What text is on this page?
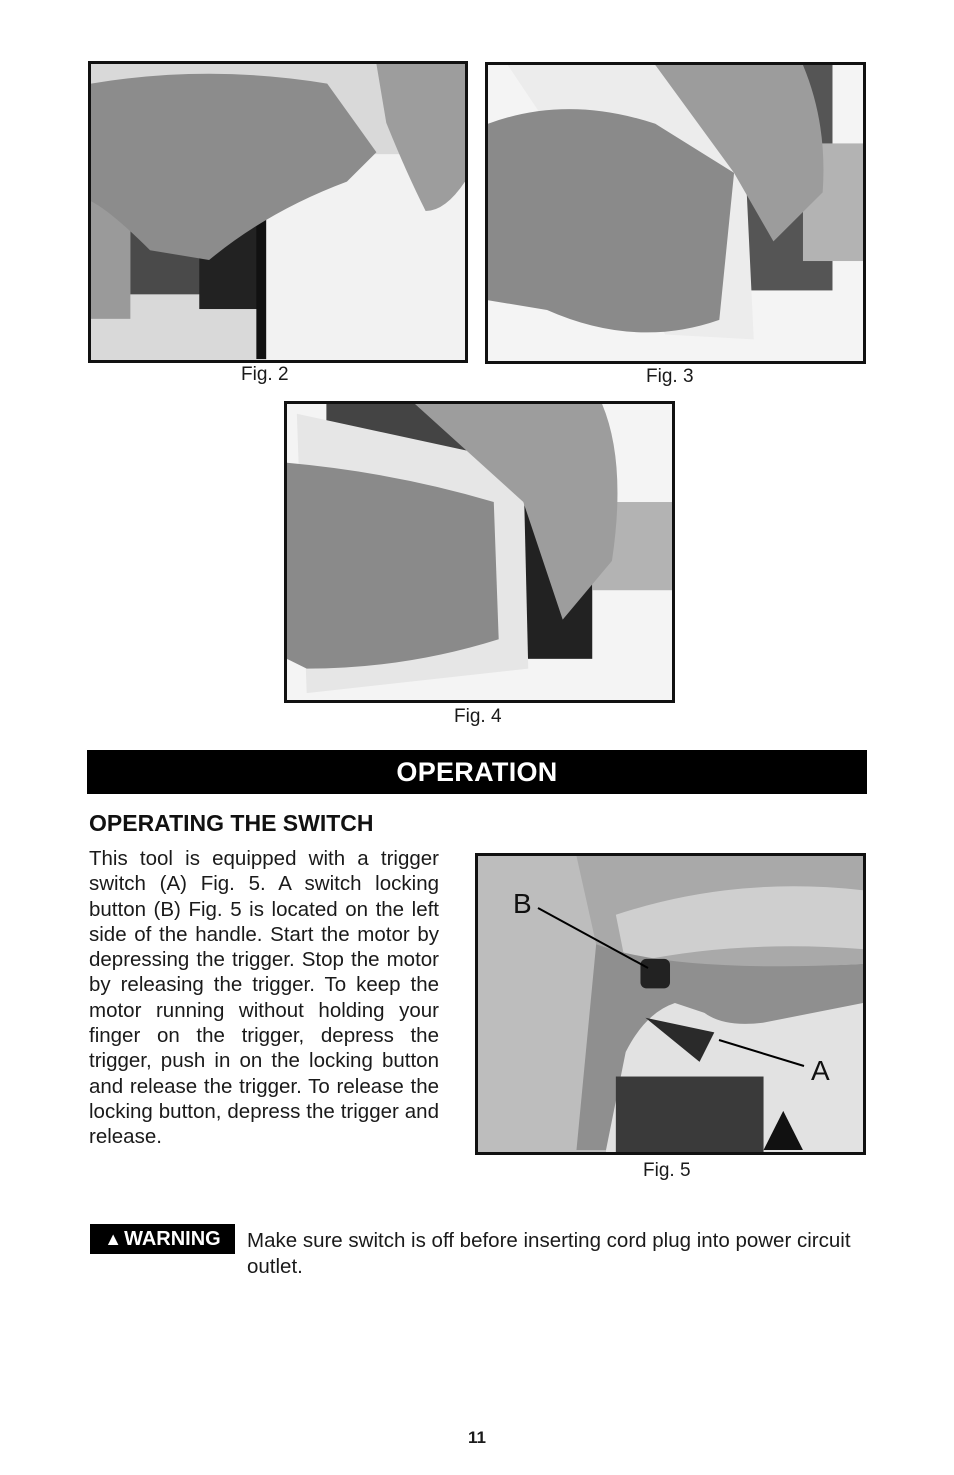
Fig. 2	Fig. 3
Fig. 4
OPERATION
OPERATING THE SWITCH
This tool is equipped with a trigger switch (A) Fig. 5. A switch locking button (B) Fig. 5 is located on the left side of the handle. Start the motor by depressing the trigger. Stop the motor by releasing the trigger. To keep the motor running without holding your finger on the trigger, depress the trigger, push in on the locking button and release the trigger. To release the locking button, depress the trigger and release.
B
A
Fig. 5
▲ WARNING Make sure switch is off before inserting cord plug into power circuit outlet.
11
